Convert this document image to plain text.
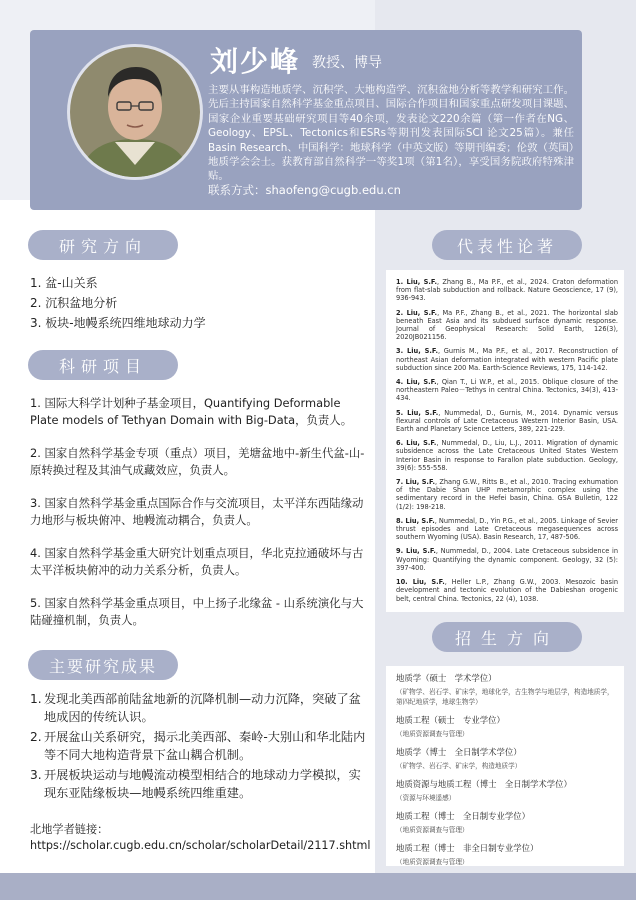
刘少峰 教授、博导
主要从事构造地质学、沉积学、大地构造学、沉积盆地分析等教学和研究工作。先后主持国家自然科学基金重点项目、国际合作项目和国家重点研发项目课题、国家企业重要基础研究项目等40余项，发表论文220余篇（第一作者在NG、Geology、EPSL、Tectonics和ESRs等期刊发表国际SCI 论文25篇）。兼任Basin Research、中国科学：地球科学（中英文版）等期刊编委；伦敦（英国）地质学会会士。获教育部自然科学一等奖1项（第1名），享受国务院政府特殊津贴。
联系方式：shaofeng@cugb.edu.cn
研究方向
1. 盆-山关系
2. 沉积盆地分析
3. 板块-地幔系统四维地球动力学
科研项目

1. 国际大科学计划种子基金项目，Quantifying Deformable Plate models of Tethyan Domain with Big-Data，负责人。

2. 国家自然科学基金专项（重点）项目，羌塘盆地中-新生代盆-山-原转换过程及其油气成藏效应，负责人。

3. 国家自然科学基金重点国际合作与交流项目，太平洋东西陆缘动力地形与板块俯冲、地幔流动耦合，负责人。

4. 国家自然科学基金重大研究计划重点项目，华北克拉通破坏与古太平洋板块俯冲的动力关系分析，负责人。

5. 国家自然科学基金重点项目，中上扬子北缘盆 - 山系统演化与大陆碰撞机制，负责人。

主要研究成果
1. 发现北美西部前陆盆地新的沉降机制—动力沉降，突破了盆地成因的传统认识。
2. 开展盆山关系研究，揭示北美西部、秦岭-大别山和华北陆内等不同大地构造背景下盆山耦合机制。
3. 开展板块运动与地幔流动模型相结合的地球动力学模拟，实现东亚陆缘板块—地幔系统四维重建。
北地学者链接：
https://scholar.cugb.edu.cn/scholar/scholarDetail/2117.shtml
代表性论著
1. Liu, S.F., Zhang B., Ma P.F., et al., 2024. Craton deformation from flat-slab subduction and rollback. Nature Geoscience, 17 (9), 936-943.
2. Liu, S.F., Ma P.F., Zhang B., et al., 2021. The horizontal slab beneath East Asia and its subdued surface dynamic response. Journal of Geophysical Research: Solid Earth, 126(3), 2020JB021156.
3. Liu, S.F., Gurnis M., Ma P.F., et al., 2017. Reconstruction of northeast Asian deformation integrated with western Pacific plate subduction since 200 Ma. Earth-Science Reviews, 175, 114-142.
4. Liu, S.F., Qian T., Li W.P., et al., 2015. Oblique closure of the northeastern Paleo－Tethys in central China. Tectonics, 34(3), 413-434.
5. Liu, S.F., Nummedal, D., Gurnis, M., 2014. Dynamic versus flexural controls of Late Cretaceous Western Interior Basin, USA. Earth and Planetary Science Letters, 389, 221-229.
6. Liu, S.F., Nummedal, D., Liu, L.J., 2011. Migration of dynamic subsidence across the Late Cretaceous United States Western Interior Basin in response to Farallon plate subduction. Geology, 39(6): 555-558.
7. Liu, S.F., Zhang G.W., Ritts B., et al., 2010. Tracing exhumation of the Dabie Shan UHP metamorphic complex using the sedimentary record in the Hefei basin, China. GSA Bulletin, 122 (1/2): 198-218.
8. Liu, S.F., Nummedal, D., Yin P.G., et al., 2005. Linkage of Sevier thrust episodes and Late Cretaceous megasequences across southern Wyoming (USA). Basin Research, 17, 487-506.
9. Liu, S.F., Nummedal, D., 2004. Late Cretaceous subsidence in Wyoming: Quantifying the dynamic component. Geology, 32 (5): 397-400.
10. Liu, S.F., Heller L.P., Zhang G.W., 2003. Mesozoic basin development and tectonic evolution of the Dabieshan orogenic belt, central China. Tectonics, 22 (4), 1038.
招生方向
地质学（硕士　学术学位）
（矿物学、岩石学、矿床学，地球化学，古生物学与地层学，构造地质学，第四纪地质学，地球生物学）
地质工程（硕士　专业学位）
（地质资源调查与管理）
地质学（博士　全日制学术学位）
（矿物学、岩石学、矿床学，构造地质学）
地质资源与地质工程（博士　全日制学术学位）
（资源与环境遥感）
地质工程（博士　全日制专业学位）
（地质资源调查与管理）
地质工程（博士　非全日制专业学位）
（地质资源调查与管理）
